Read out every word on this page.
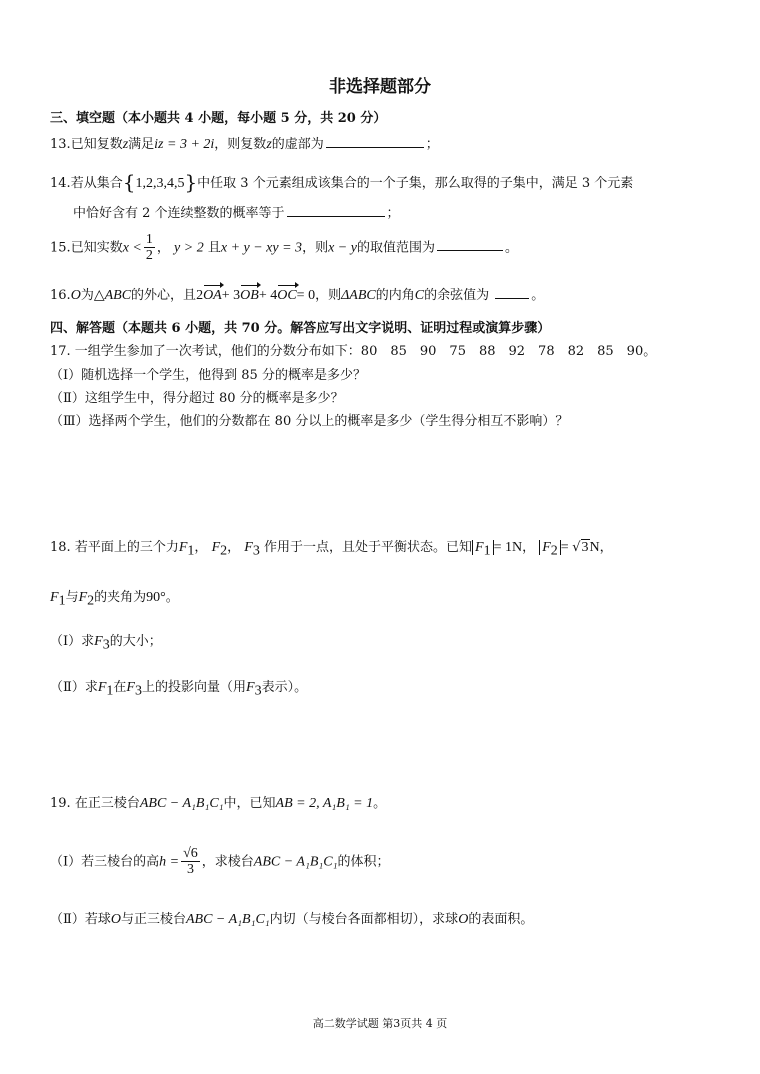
非选择题部分
三、填空题（本小题共 4 小题，每小题 5 分，共 20 分）
13.已知复数z满足iz = 3 + 2i，则复数z的虚部为	；
14.若从集合{1,2,3,4,5}中任取 3 个元素组成该集合的一个子集，那么取得的子集中，满足 3 个元素
中恰好含有 2 个连续整数的概率等于	；
15.已知实数$x < \frac{1}{2}$ ， y > 2 且x + y − xy = 3，则x − y的取值范围为	。
16.O为△ABC的外心，且2OA+ 3OB+ 4OC= 0，则ΔABC的内角C的余弦值为	。
四、解答题（本题共 6 小题，共 70 分。解答应写出文字说明、证明过程或演算步骤）
17. 一组学生参加了一次考试，他们的分数分布如下：80　85　90　75　88　92　78　82　85　90。
（Ⅰ）随机选择一个学生，他得到 85 分的概率是多少？
（Ⅱ）这组学生中，得分超过 80 分的概率是多少？
（Ⅲ）选择两个学生，他们的分数都在 80 分以上的概率是多少（学生得分相互不影响）？
18. 若平面上的三个力$F_1$， $F_2$， $F_3$ 作用于一点，且处于平衡状态。已知 $F_1 = 1N$， $F_2 = √3N$，
$F_1$与$F_2$的夹角为90°。
（Ⅰ）求$F_3$的大小；
（Ⅱ）求$F_1$在$F_3$上的投影向量（用$F_3$表示）。
19. 在正三棱台ABC − A₁B₁C₁中，已知AB = 2, A₁B₁ = 1。
（Ⅰ）若三棱台的高$h = \frac{√6}{3}$ ，求棱台ABC − A₁B₁C₁的体积；
（Ⅱ）若球O与正三棱台ABC − A₁B₁C₁内切（与棱台各面都相切），求球O的表面积。
高二数学试题 第3页共 4 页
